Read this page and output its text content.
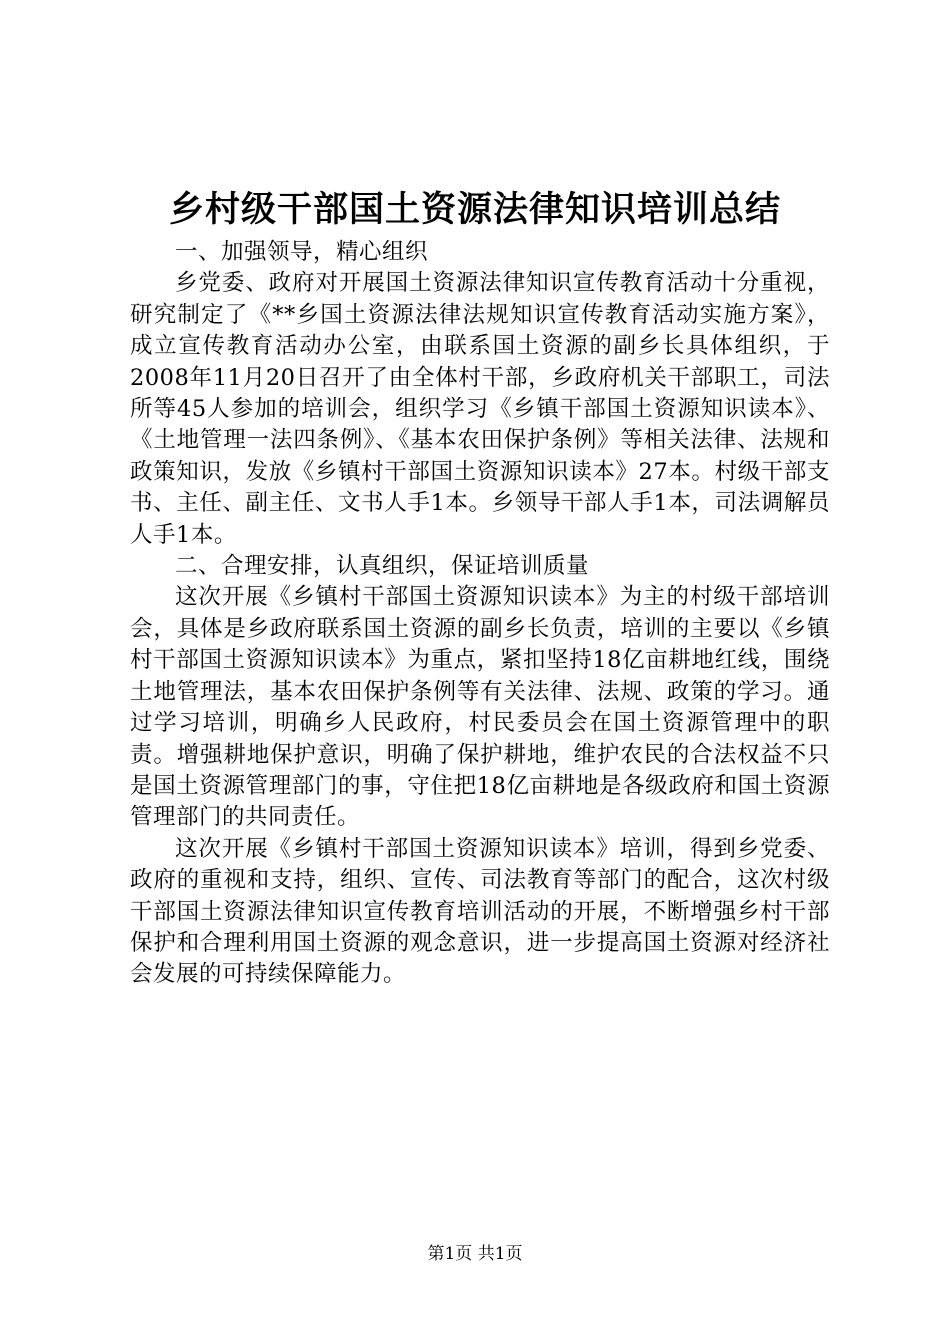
乡村级干部国土资源法律知识培训总结

一、加强领导，精心组织

乡党委、政府对开展国土资源法律知识宣传教育活动十分重视，研究制定了《**乡国土资源法律法规知识宣传教育活动实施方案》，成立宣传教育活动办公室，由联系国土资源的副乡长具体组织，于2008年11月20日召开了由全体村干部，乡政府机关干部职工，司法所等45人参加的培训会，组织学习《乡镇干部国土资源知识读本》、《土地管理一法四条例》、《基本农田保护条例》等相关法律、法规和政策知识，发放《乡镇村干部国土资源知识读本》27本。村级干部支书、主任、副主任、文书人手1本。乡领导干部人手1本，司法调解员人手1本。

二、合理安排，认真组织，保证培训质量

这次开展《乡镇村干部国土资源知识读本》为主的村级干部培训会，具体是乡政府联系国土资源的副乡长负责，培训的主要以《乡镇村干部国土资源知识读本》为重点，紧扣坚持18亿亩耕地红线，围绕土地管理法，基本农田保护条例等有关法律、法规、政策的学习。通过学习培训，明确乡人民政府，村民委员会在国土资源管理中的职责。增强耕地保护意识，明确了保护耕地，维护农民的合法权益不只是国土资源管理部门的事，守住把18亿亩耕地是各级政府和国土资源管理部门的共同责任。

这次开展《乡镇村干部国土资源知识读本》培训，得到乡党委、政府的重视和支持，组织、宣传、司法教育等部门的配合，这次村级干部国土资源法律知识宣传教育培训活动的开展，不断增强乡村干部保护和合理利用国土资源的观念意识，进一步提高国土资源对经济社会发展的可持续保障能力。

第1页 共1页
